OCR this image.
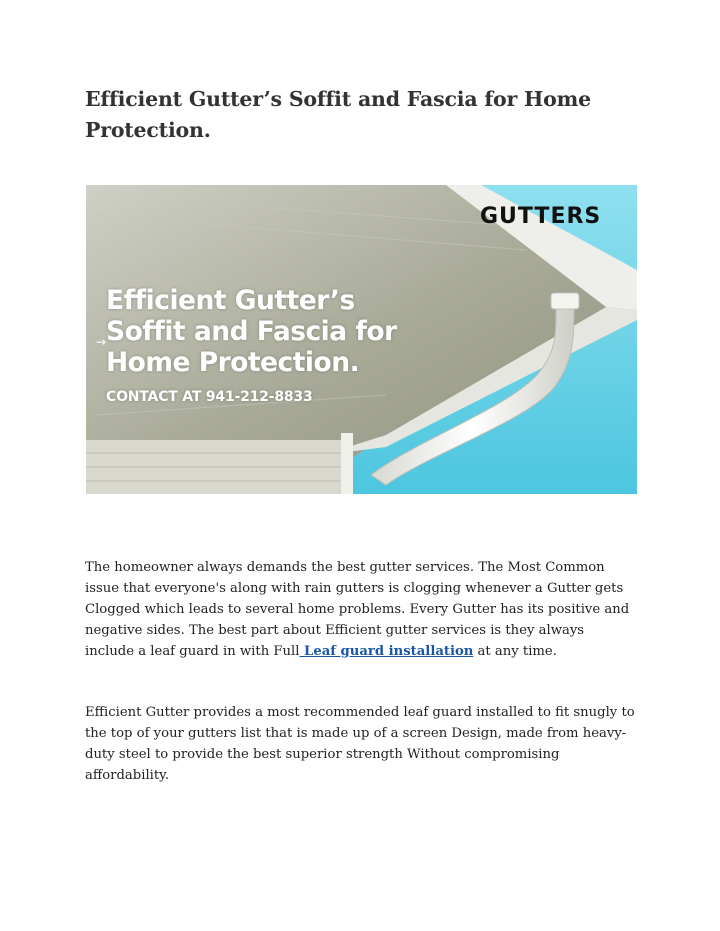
Efficient Gutter’s Soffit and Fascia for Home Protection.
GUTTERS
→
Efficient Gutter’s
Soffit and Fascia for
Home Protection.
CONTACT AT 941-212-8833

The homeowner always demands the best gutter services. The Most Common issue that everyone's along with rain gutters is clogging whenever a Gutter gets Clogged which leads to several home problems. Every Gutter has its positive and negative sides. The best part about Efficient gutter services is they always include a leaf guard in with Full Leaf guard installation at any time.

Efficient Gutter provides a most recommended leaf guard installed to fit snugly to the top of your gutters list that is made up of a screen Design, made from heavy-duty steel to provide the best superior strength Without compromising affordability.
